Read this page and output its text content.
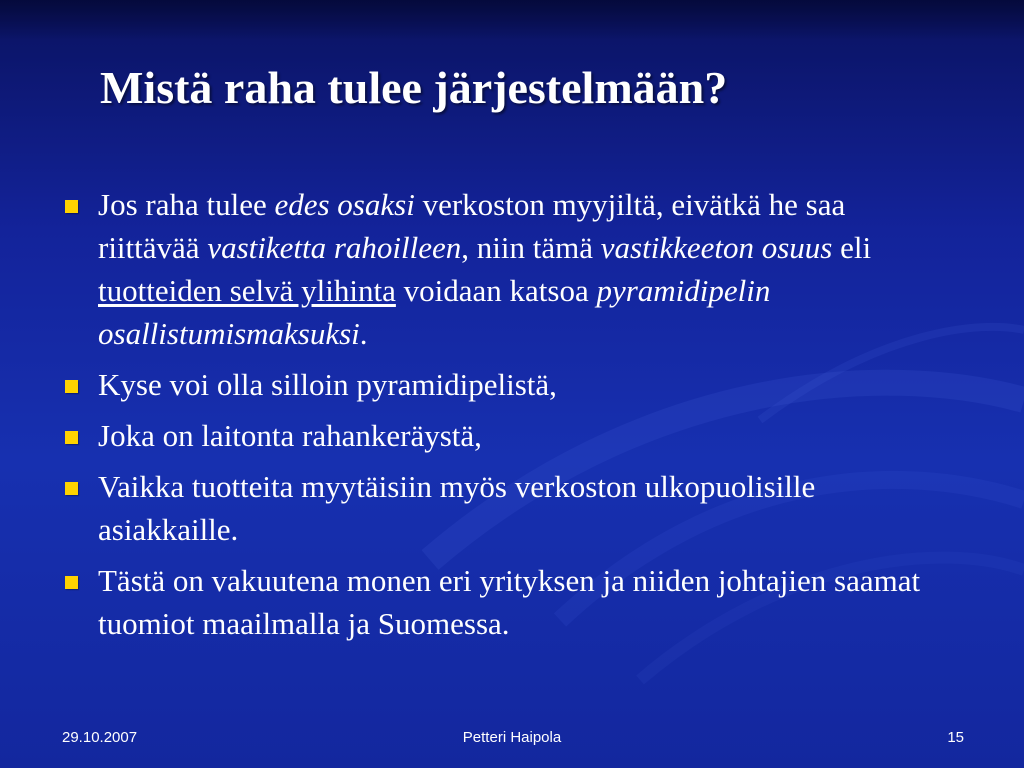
Mistä raha tulee järjestelmään?
Jos raha tulee edes osaksi verkoston myyjiltä, eivätkä he saa riittävää vastiketta rahoilleen, niin tämä vastikkeeton osuus eli tuotteiden selvä ylihinta voidaan katsoa pyramidipelin osallistumismaksuksi.
Kyse voi olla silloin pyramidipelistä,
Joka on laitonta rahankeräystä,
Vaikka tuotteita myytäisiin myös verkoston ulkopuolisille asiakkaille.
Tästä on vakuutena monen eri yrityksen ja niiden johtajien saamat tuomiot maailmalla ja Suomessa.
29.10.2007	Petteri Haipola	15
